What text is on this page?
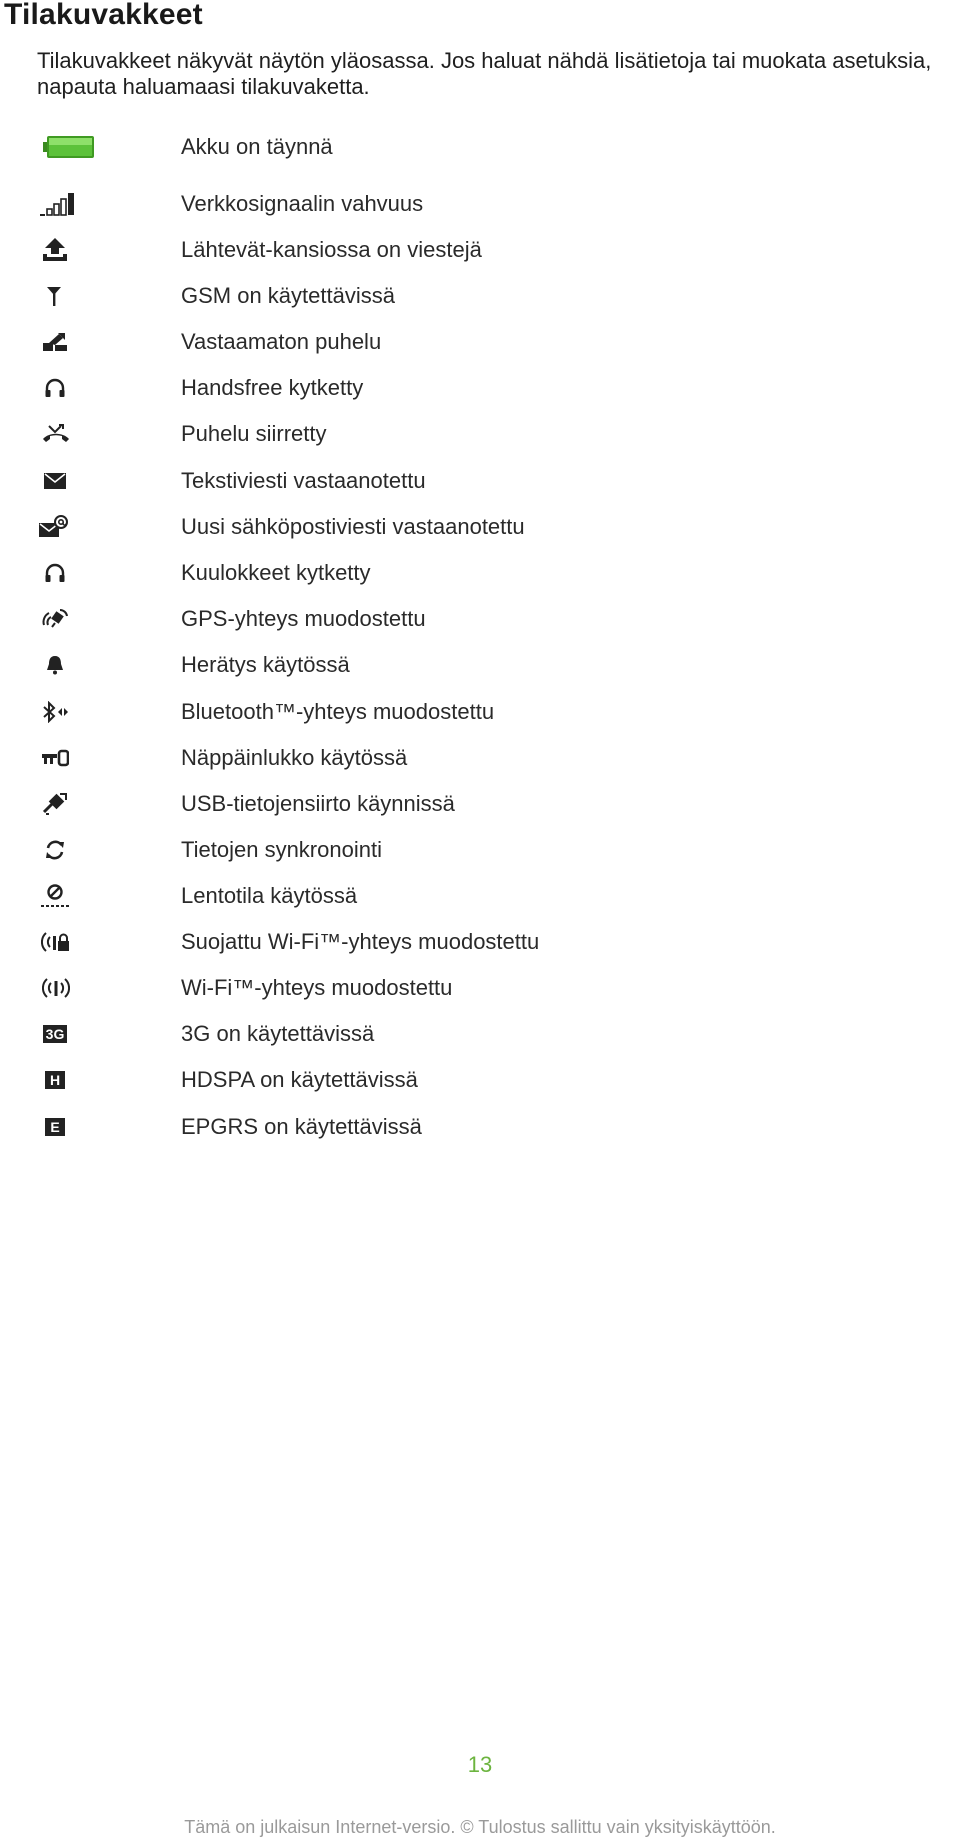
Tilakuvakkeet
Tilakuvakkeet näkyvät näytön yläosassa. Jos haluat nähdä lisätietoja tai muokata asetuksia,
napauta haluamaasi tilakuvaketta.
Akku on täynnä
Verkkosignaalin vahvuus
Lähtevät-kansiossa on viestejä
GSM on käytettävissä
Vastaamaton puhelu
Handsfree kytketty
Puhelu siirretty
Tekstiviesti vastaanotettu
Uusi sähköpostiviesti vastaanotettu
Kuulokkeet kytketty
GPS-yhteys muodostettu
Herätys käytössä
Bluetooth™-yhteys muodostettu
Näppäinlukko käytössä
USB-tietojensiirto käynnissä
Tietojen synkronointi
Lentotila käytössä
Suojattu Wi-Fi™-yhteys muodostettu
Wi-Fi™-yhteys muodostettu
3G	3G on käytettävissä
H	HDSPA on käytettävissä
E	EPGRS on käytettävissä
13
Tämä on julkaisun Internet-versio. © Tulostus sallittu vain yksityiskäyttöön.
